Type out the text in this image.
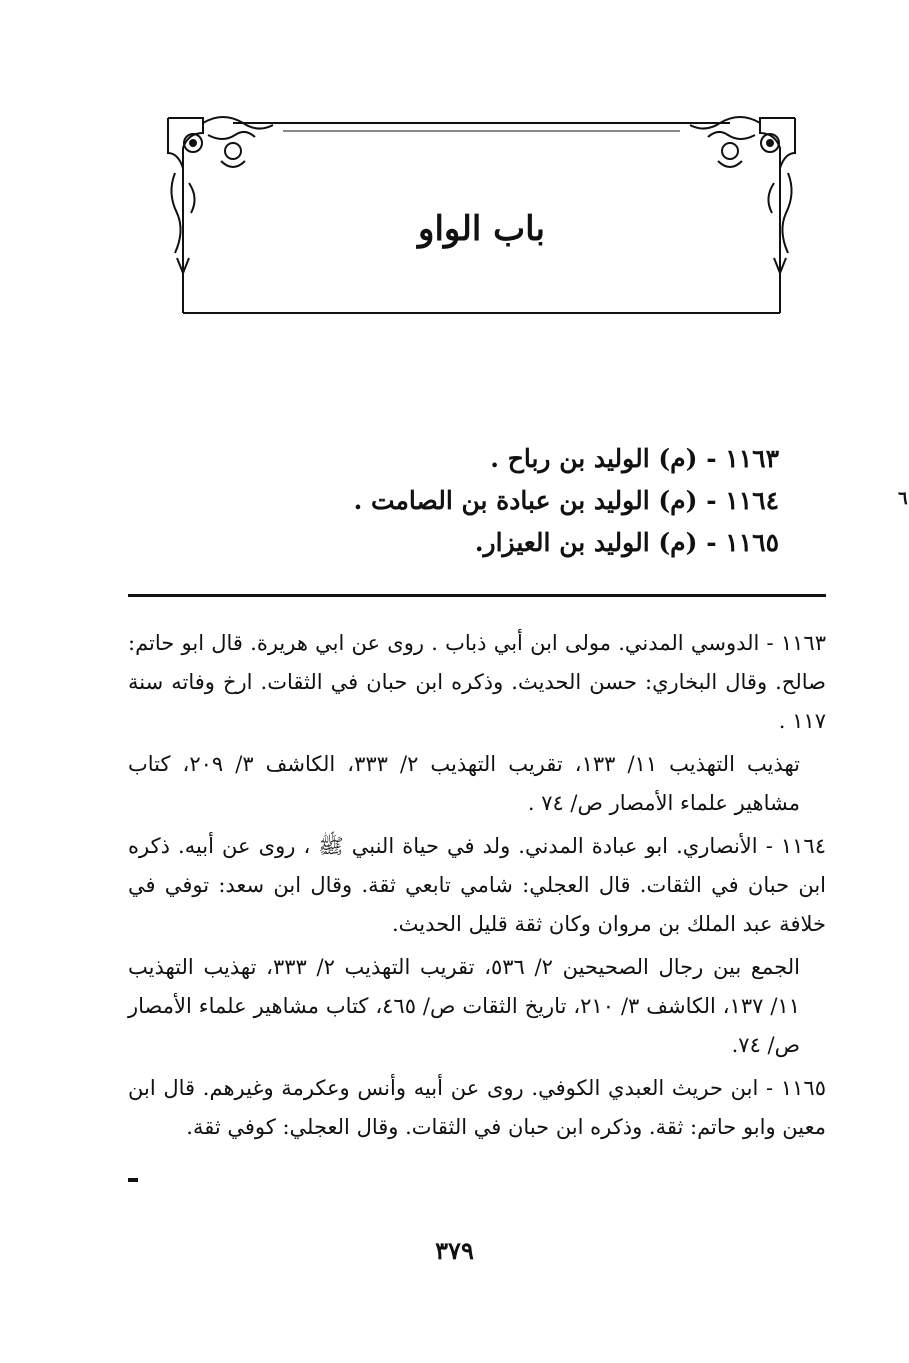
باب الواو
٦
١١٦٣ - (م) الوليد بن رباح .
١١٦٤ - (م) الوليد بن عبادة بن الصامت .
١١٦٥ - (م) الوليد بن العيزار.

١١٦٣ - الدوسي المدني. مولى ابن أبي ذباب . روى عن ابي هريرة. قال ابو حاتم: صالح. وقال البخاري: حسن الحديث. وذكره ابن حبان في الثقات. ارخ وفاته سنة ١١٧ .

تهذيب التهذيب ١١/ ١٣٣، تقريب التهذيب ٢/ ٣٣٣، الكاشف ٣/ ٢٠٩، كتاب مشاهير علماء الأمصار ص/ ٧٤ .

١١٦٤ - الأنصاري. ابو عبادة المدني. ولد في حياة النبي ﷺ ، روى عن أبيه. ذكره ابن حبان في الثقات. قال العجلي: شامي تابعي ثقة. وقال ابن سعد: توفي في خلافة عبد الملك بن مروان وكان ثقة قليل الحديث.

الجمع بين رجال الصحيحين ٢/ ٥٣٦، تقريب التهذيب ٢/ ٣٣٣، تهذيب التهذيب ١١/ ١٣٧، الكاشف ٣/ ٢١٠، تاريخ الثقات ص/ ٤٦٥، كتاب مشاهير علماء الأمصار ص/ ٧٤.

١١٦٥ - ابن حريث العبدي الكوفي. روى عن أبيه وأنس وعكرمة وغيرهم. قال ابن معين وابو حاتم: ثقة. وذكره ابن حبان في الثقات. وقال العجلي: كوفي ثقة.

٣٧٩
